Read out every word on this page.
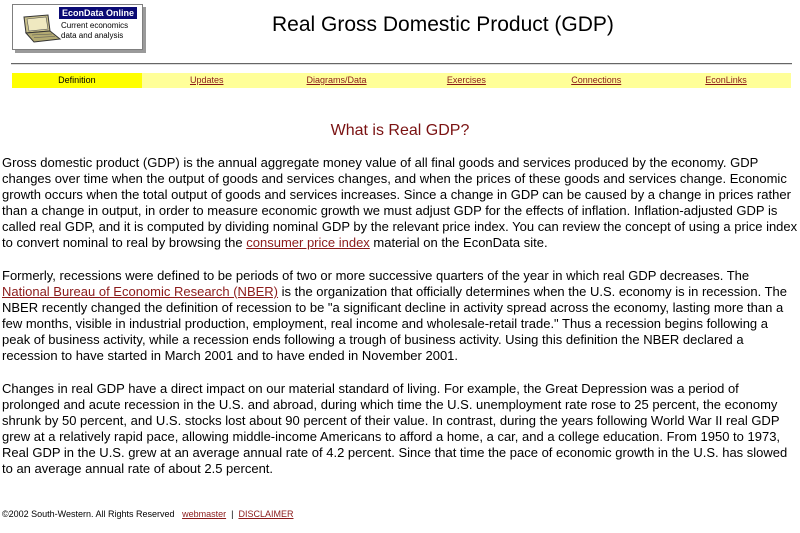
EconData Online
Current economics data and analysis	Real Gross Domestic Product (GDP)
Definition	Updates	Diagrams/Data	Exercises	Connections	EconLinks
What is Real GDP?

Gross domestic product (GDP) is the annual aggregate money value of all final goods and services produced by the economy. GDP changes over time when the output of goods and services changes, and when the prices of these goods and services change. Economic growth occurs when the total output of goods and services increases. Since a change in GDP can be caused by a change in prices rather than a change in output, in order to measure economic growth we must adjust GDP for the effects of inflation. Inflation-adjusted GDP is called real GDP, and it is computed by dividing nominal GDP by the relevant price index. You can review the concept of using a price index to convert nominal to real by browsing the consumer price index material on the EconData site.

Formerly, recessions were defined to be periods of two or more successive quarters of the year in which real GDP decreases. The National Bureau of Economic Research (NBER) is the organization that officially determines when the U.S. economy is in recession. The NBER recently changed the definition of recession to be "a significant decline in activity spread across the economy, lasting more than a few months, visible in industrial production, employment, real income and wholesale-retail trade." Thus a recession begins following a peak of business activity, while a recession ends following a trough of business activity. Using this definition the NBER declared a recession to have started in March 2001 and to have ended in November 2001.

Changes in real GDP have a direct impact on our material standard of living. For example, the Great Depression was a period of prolonged and acute recession in the U.S. and abroad, during which time the U.S. unemployment rate rose to 25 percent, the economy shrunk by 50 percent, and U.S. stocks lost about 90 percent of their value. In contrast, during the years following World War II real GDP grew at a relatively rapid pace, allowing middle-income Americans to afford a home, a car, and a college education. From 1950 to 1973, Real GDP in the U.S. grew at an average annual rate of 4.2 percent. Since that time the pace of economic growth in the U.S. has slowed to an average annual rate of about 2.5 percent.

©2002 South-Western. All Rights Reserved webmaster | DISCLAIMER
